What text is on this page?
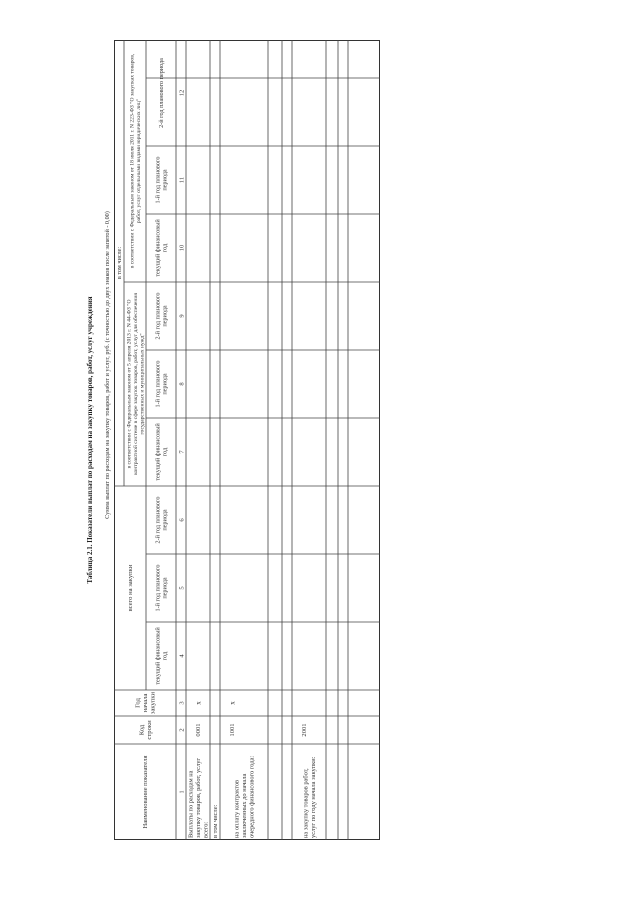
Таблица 2.1. Показатели выплат по расходам на закупку товаров, работ, услуг учреждения	Сумма выплат по расходам на закупку товаров, работ и услуг, руб. (с точностью до двух знаков после запятой - 0,00)
Наименование показателя
Кодстроки
Годначалазакупки
всего на закупки
в том числе:
в соответствии с Федеральным законом от 5 апреля 2013 г. N 44-ФЗ "Оконтрактной системе в сфере закупок товаров, работ, услуг для обеспечениягосударственных и муниципальных нужд"
в соответствии с Федеральным законом от 18 июля 2011 г. N 223-ФЗ "О закупках товаров,работ, услуг отдельными видами юридических лиц"
текущий финансовыйгод
1-й год плановогопериода
2-й год плановогопериода
текущий финансовыйгод
1-й год плановогопериода
2-й год плановогопериода
текущий финансовыйгод
1-й год плановогопериода
2-й год планового периода
1
2
3
4
5
6
7
8
9
10
11
12
Выплаты по расходам назакупку товаров, работ, услугвсего:
0001
x
в том числе: на оплату контрактовзаключенных до началаочередного финансового года:
1001
x
на закупку товаров работ,услуг по году начала закупки:
2001
